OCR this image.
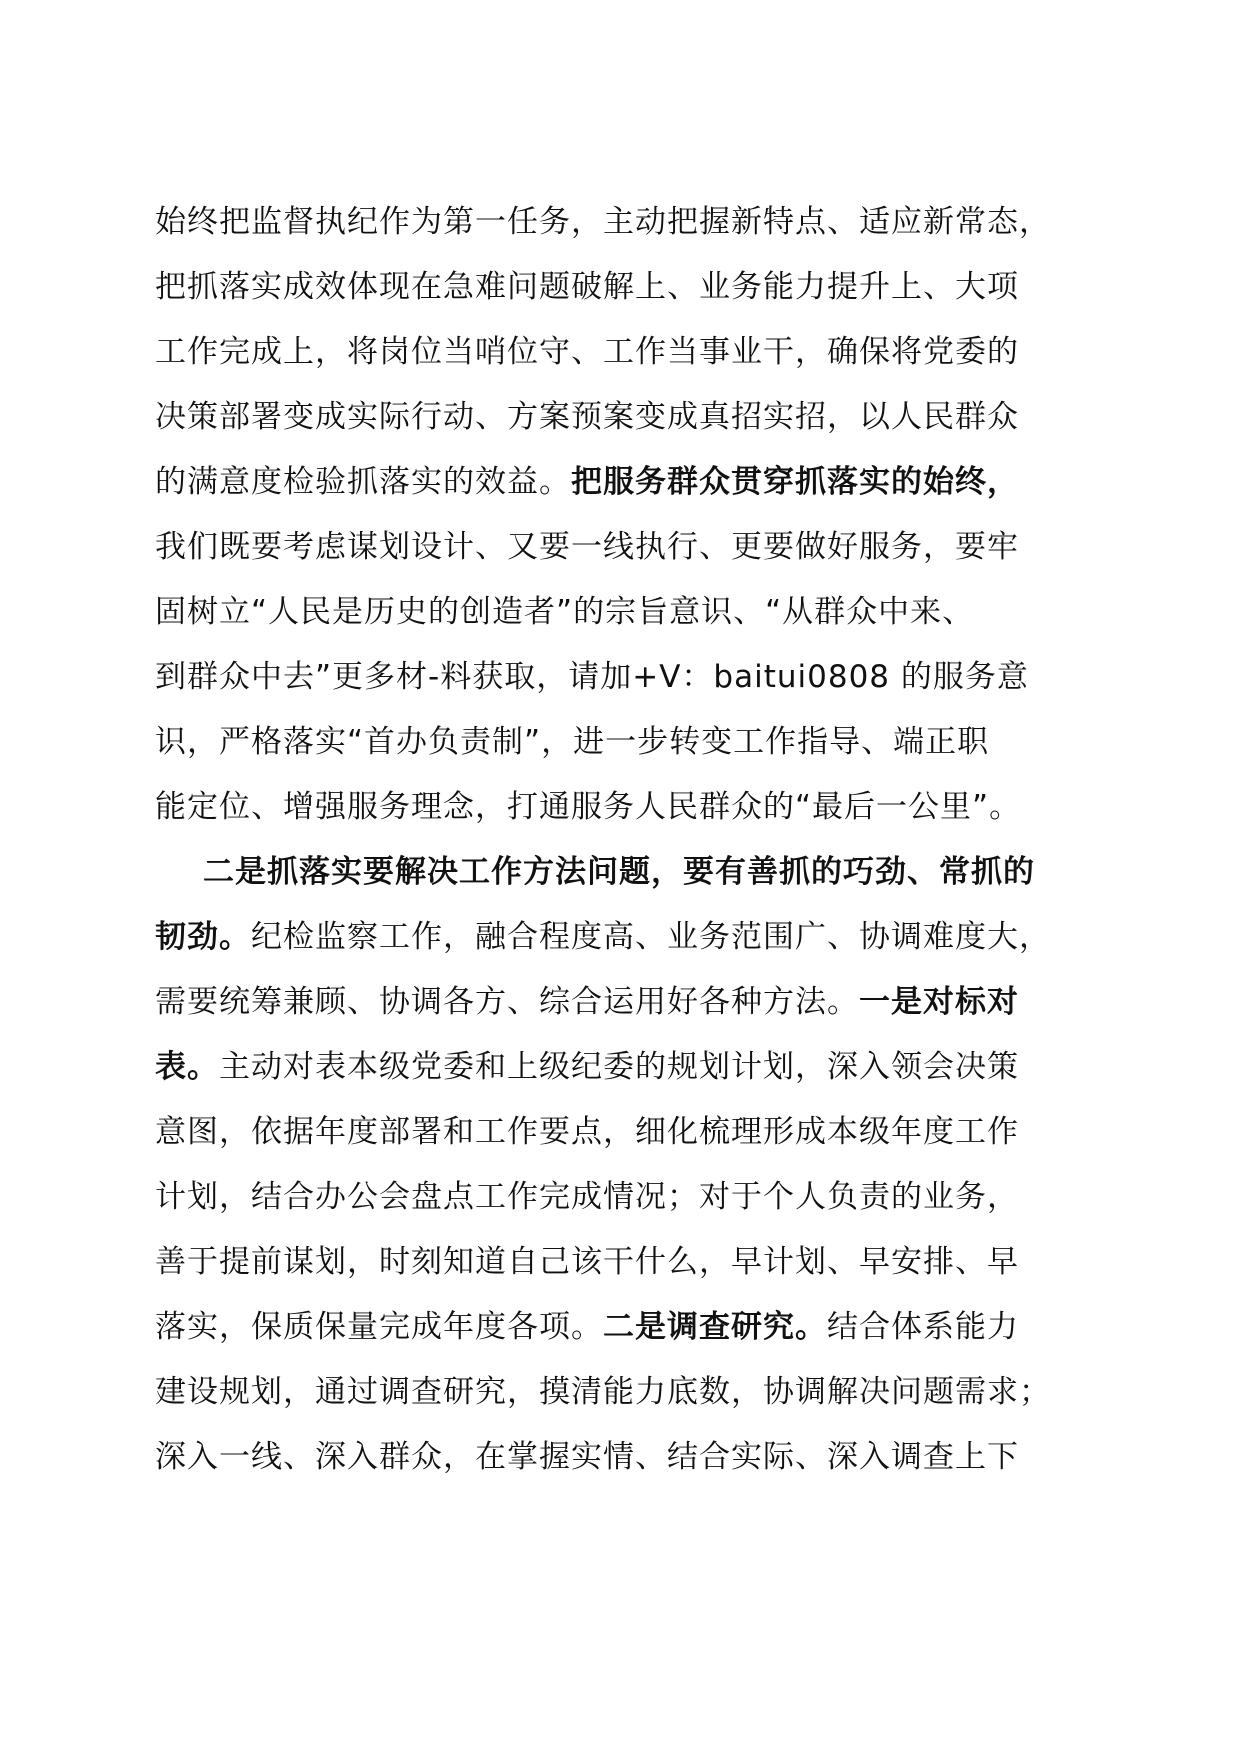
始终把监督执纪作为第一任务，主动把握新特点、适应新常态，
把抓落实成效体现在急难问题破解上、业务能力提升上、大项
工作完成上，将岗位当哨位守、工作当事业干，确保将党委的
决策部署变成实际行动、方案预案变成真招实招，以人民群众
的满意度检验抓落实的效益。把服务群众贯穿抓落实的始终，
我们既要考虑谋划设计、又要一线执行、更要做好服务，要牢
固树立“人民是历史的创造者”的宗旨意识、“从群众中来、
到群众中去”更多材-料获取，请加+V：baitui0808 的服务意
识，严格落实“首办负责制”，进一步转变工作指导、端正职
能定位、增强服务理念，打通服务人民群众的“最后一公里”。
二是抓落实要解决工作方法问题，要有善抓的巧劲、常抓的
韧劲。纪检监察工作，融合程度高、业务范围广、协调难度大，
需要统筹兼顾、协调各方、综合运用好各种方法。一是对标对
表。主动对表本级党委和上级纪委的规划计划，深入领会决策
意图，依据年度部署和工作要点，细化梳理形成本级年度工作
计划，结合办公会盘点工作完成情况；对于个人负责的业务，
善于提前谋划，时刻知道自己该干什么，早计划、早安排、早
落实，保质保量完成年度各项。二是调查研究。结合体系能力
建设规划，通过调查研究，摸清能力底数，协调解决问题需求；
深入一线、深入群众，在掌握实情、结合实际、深入调查上下
